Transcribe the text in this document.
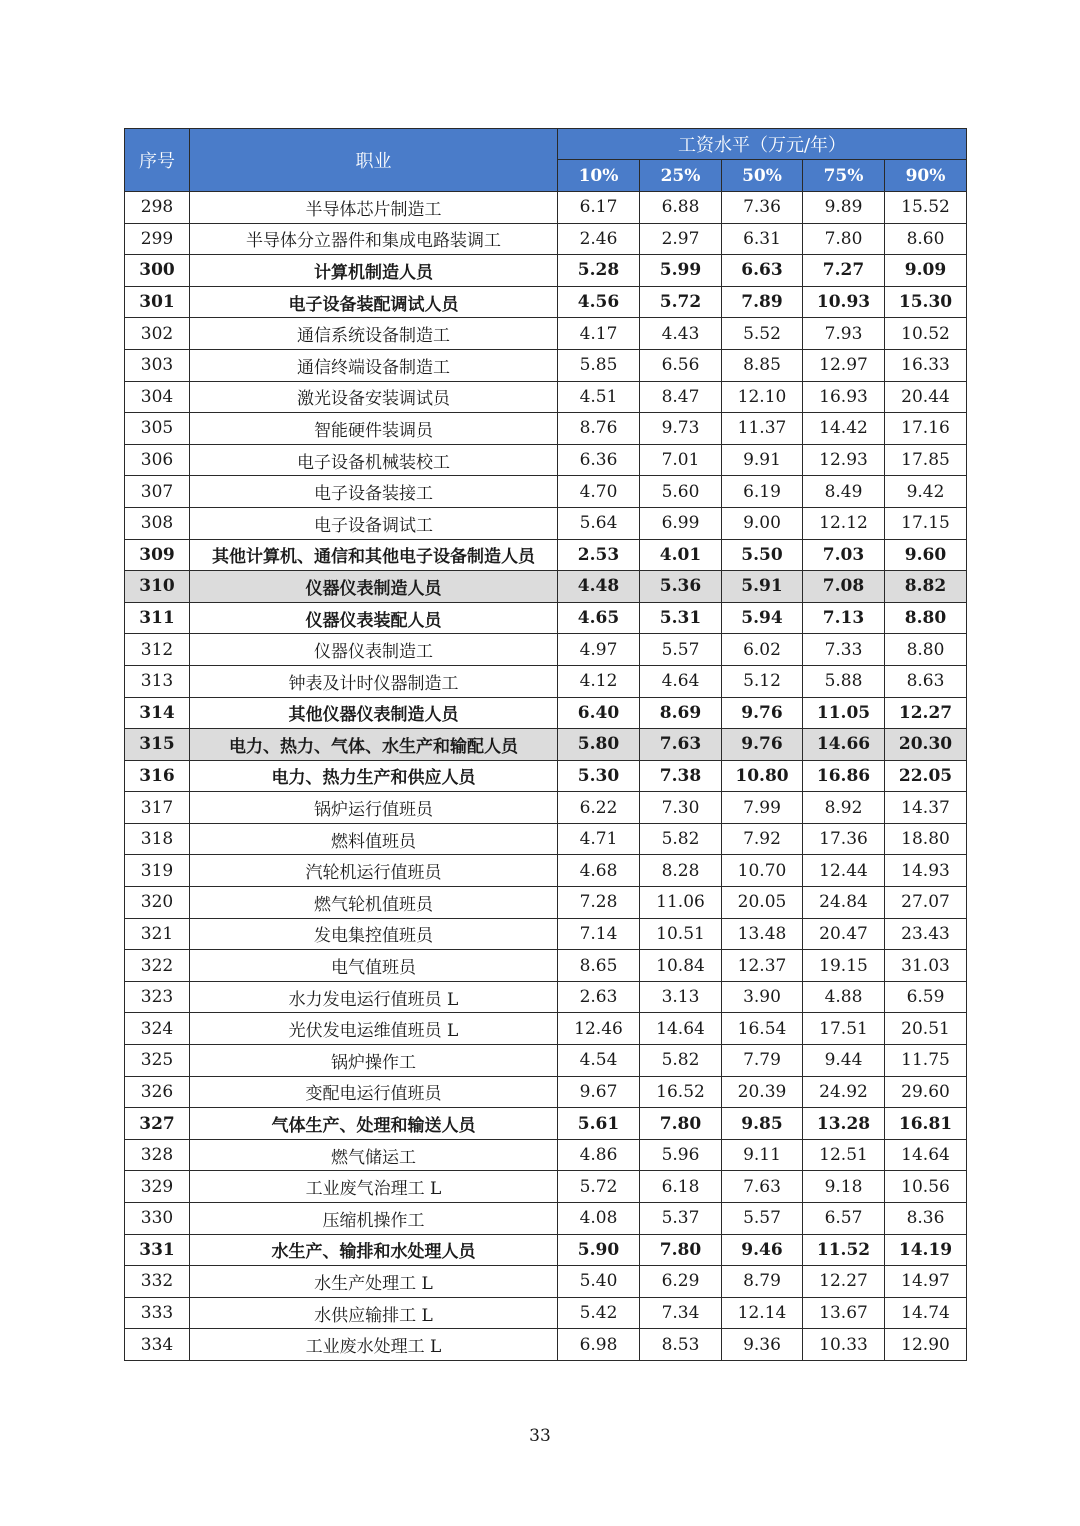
序号	职业	工资水平（万元/年）				
		10%	25%	50%	75%	90%
298	半导体芯片制造工	6.17	6.88	7.36	9.89	15.52
299	半导体分立器件和集成电路装调工	2.46	2.97	6.31	7.80	8.60
300	计算机制造人员	5.28	5.99	6.63	7.27	9.09
301	电子设备装配调试人员	4.56	5.72	7.89	10.93	15.30
302	通信系统设备制造工	4.17	4.43	5.52	7.93	10.52
303	通信终端设备制造工	5.85	6.56	8.85	12.97	16.33
304	激光设备安装调试员	4.51	8.47	12.10	16.93	20.44
305	智能硬件装调员	8.76	9.73	11.37	14.42	17.16
306	电子设备机械装校工	6.36	7.01	9.91	12.93	17.85
307	电子设备装接工	4.70	5.60	6.19	8.49	9.42
308	电子设备调试工	5.64	6.99	9.00	12.12	17.15
309	其他计算机、通信和其他电子设备制造人员	2.53	4.01	5.50	7.03	9.60
310	仪器仪表制造人员	4.48	5.36	5.91	7.08	8.82
311	仪器仪表装配人员	4.65	5.31	5.94	7.13	8.80
312	仪器仪表制造工	4.97	5.57	6.02	7.33	8.80
313	钟表及计时仪器制造工	4.12	4.64	5.12	5.88	8.63
314	其他仪器仪表制造人员	6.40	8.69	9.76	11.05	12.27
315	电力、热力、气体、水生产和输配人员	5.80	7.63	9.76	14.66	20.30
316	电力、热力生产和供应人员	5.30	7.38	10.80	16.86	22.05
317	锅炉运行值班员	6.22	7.30	7.99	8.92	14.37
318	燃料值班员	4.71	5.82	7.92	17.36	18.80
319	汽轮机运行值班员	4.68	8.28	10.70	12.44	14.93
320	燃气轮机值班员	7.28	11.06	20.05	24.84	27.07
321	发电集控值班员	7.14	10.51	13.48	20.47	23.43
322	电气值班员	8.65	10.84	12.37	19.15	31.03
323	水力发电运行值班员 L	2.63	3.13	3.90	4.88	6.59
324	光伏发电运维值班员 L	12.46	14.64	16.54	17.51	20.51
325	锅炉操作工	4.54	5.82	7.79	9.44	11.75
326	变配电运行值班员	9.67	16.52	20.39	24.92	29.60
327	气体生产、处理和输送人员	5.61	7.80	9.85	13.28	16.81
328	燃气储运工	4.86	5.96	9.11	12.51	14.64
329	工业废气治理工 L	5.72	6.18	7.63	9.18	10.56
330	压缩机操作工	4.08	5.37	5.57	6.57	8.36
331	水生产、输排和水处理人员	5.90	7.80	9.46	11.52	14.19
332	水生产处理工 L	5.40	6.29	8.79	12.27	14.97
333	水供应输排工 L	5.42	7.34	12.14	13.67	14.74
334	工业废水处理工 L	6.98	8.53	9.36	10.33	12.90
33
